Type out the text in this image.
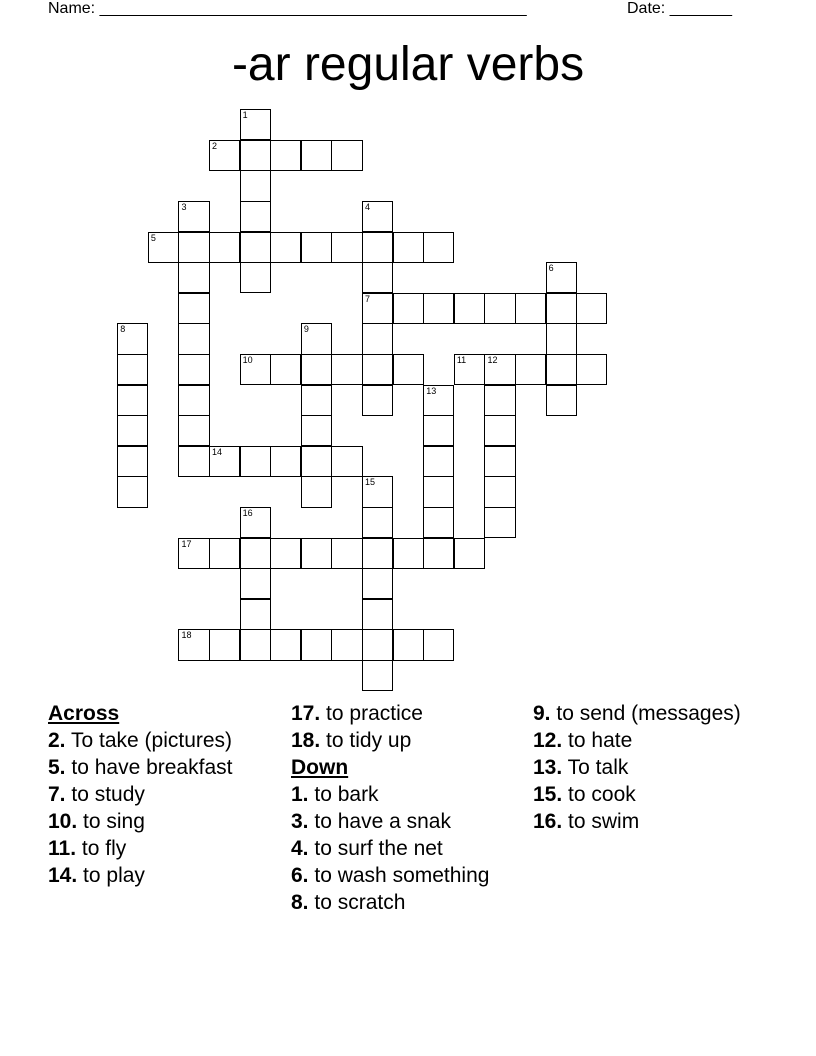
Name: ________________________________________________	Date: _______
-ar regular verbs
1
2
3	4
7
5
6
8	9
10	11 12
13
14
15
16
17
18
Across
2. To take (pictures)
5. to have breakfast
7. to study
10. to sing
11. to fly
14. to play
17. to practice
18. to tidy up
Down
1. to bark
3. to have a snak
4. to surf the net
6. to wash something
8. to scratch
9. to send (messages)
12. to hate
13. To talk
15. to cook
16. to swim
